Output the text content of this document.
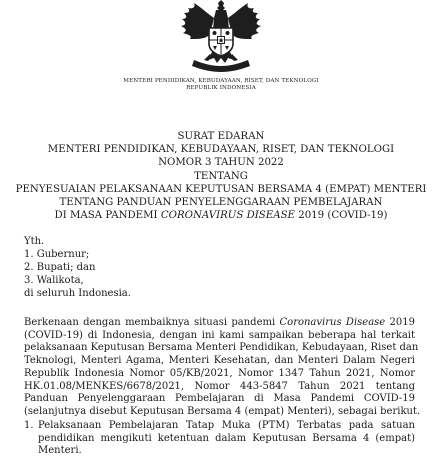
MENTERI PENDIDIKAN, KEBUDAYAAN, RISET, DAN TEKNOLOGI
REPUBLIK INDONESIA
SURAT EDARAN
MENTERI PENDIDIKAN, KEBUDAYAAN, RISET, DAN TEKNOLOGI
NOMOR 3 TAHUN 2022
TENTANG
PENYESUAIAN PELAKSANAAN KEPUTUSAN BERSAMA 4 (EMPAT) MENTERI
TENTANG PANDUAN PENYELENGGARAAN PEMBELAJARAN
DI MASA PANDEMI CORONAVIRUS DISEASE 2019 (COVID-19)
Yth.
1. Gubernur;
2. Bupati; dan
3. Walikota,
di seluruh Indonesia.
Berkenaan dengan membaiknya situasi pandemi Coronavirus Disease 2019
(COVID-19) di Indonesia, dengan ini kami sampaikan beberapa hal terkait
pelaksanaan Keputusan Bersama Menteri Pendidikan, Kebudayaan, Riset dan
Teknologi, Menteri Agama, Menteri Kesehatan, dan Menteri Dalam Negeri
Republik Indonesia Nomor 05/KB/2021, Nomor 1347 Tahun 2021, Nomor
HK.01.08/MENKES/6678/2021, Nomor 443-5847 Tahun 2021 tentang
Panduan Penyelenggaraan Pembelajaran di Masa Pandemi COVID-19
(selanjutnya disebut Keputusan Bersama 4 (empat) Menteri), sebagai berikut.
1. Pelaksanaan Pembelajaran Tatap Muka (PTM) Terbatas pada satuan
pendidikan mengikuti ketentuan dalam Keputusan Bersama 4 (empat)
Menteri.
